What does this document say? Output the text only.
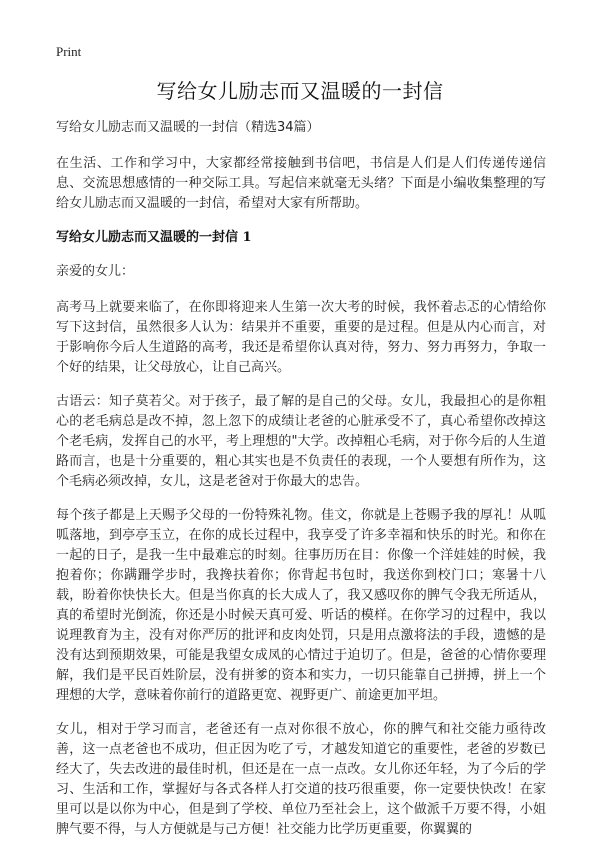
Print
写给女儿励志而又温暖的一封信

写给女儿励志而又温暖的一封信（精选34篇）

在生活、工作和学习中，大家都经常接触到书信吧，书信是人们是人们传递传递信息、交流思想感情的一种交际工具。写起信来就毫无头绪？下面是小编收集整理的写给女儿励志而又温暖的一封信，希望对大家有所帮助。

写给女儿励志而又温暖的一封信 1

亲爱的女儿：

高考马上就要来临了，在你即将迎来人生第一次大考的时候，我怀着忐忑的心情给你写下这封信，虽然很多人认为：结果并不重要，重要的是过程。但是从内心而言，对于影响你今后人生道路的高考，我还是希望你认真对待，努力、努力再努力，争取一个好的结果，让父母放心，让自己高兴。

古语云：知子莫若父。对于孩子，最了解的是自己的父母。女儿，我最担心的是你粗心的老毛病总是改不掉，忽上忽下的成绩让老爸的心脏承受不了，真心希望你改掉这个老毛病，发挥自己的水平，考上理想的"大学。改掉粗心毛病，对于你今后的人生道路而言，也是十分重要的，粗心其实也是不负责任的表现，一个人要想有所作为，这个毛病必须改掉，女儿，这是老爸对于你最大的忠告。

每个孩子都是上天赐予父母的一份特殊礼物。佳文，你就是上苍赐予我的厚礼！从呱呱落地，到亭亭玉立，在你的成长过程中，我享受了许多幸福和快乐的时光。和你在一起的日子，是我一生中最难忘的时刻。往事历历在目：你像一个洋娃娃的时候，我抱着你；你蹒跚学步时，我搀扶着你；你背起书包时，我送你到校门口；寒暑十八载，盼着你快快长大。但是当你真的长大成人了，我又感叹你的脾气令我无所适从，真的希望时光倒流，你还是小时候天真可爱、听话的模样。在你学习的过程中，我以说理教育为主，没有对你严厉的批评和皮肉处罚，只是用点激将法的手段，遗憾的是没有达到预期效果，可能是我望女成凤的心情过于迫切了。但是，爸爸的心情你要理解，我们是平民百姓阶层，没有拼爹的资本和实力，一切只能靠自己拼搏，拼上一个理想的大学，意味着你前行的道路更宽、视野更广、前途更加平坦。

女儿，相对于学习而言，老爸还有一点对你很不放心，你的脾气和社交能力亟待改善，这一点老爸也不成功，但正因为吃了亏，才越发知道它的重要性，老爸的岁数已经大了，失去改进的最佳时机，但还是在一点一点改。女儿你还年轻，为了今后的学习、生活和工作，掌握好与各式各样人打交道的技巧很重要，你一定要快快改！在家里可以是以你为中心，但是到了学校、单位乃至社会上，这个做派千万要不得，小姐脾气要不得，与人方便就是与己方便！社交能力比学历更重要，你翼翼的
